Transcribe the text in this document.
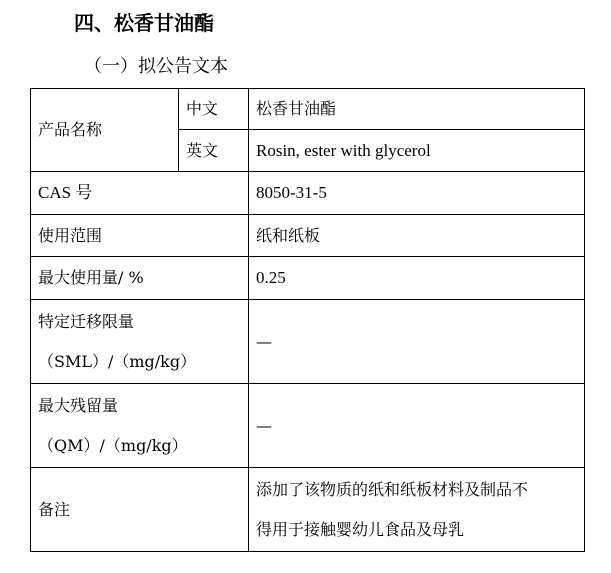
四、松香甘油酯
（一）拟公告文本
产品名称	中文	松香甘油酯
	英文	Rosin, ester with glycerol
CAS 号		8050-31-5
使用范围		纸和纸板
最大使用量/ %		0.25

特定迁移限量
（SML）/（mg/kg）		—

最大残留量
（QM）/（mg/kg）		—
备注		添加了该物质的纸和纸板材料及制品不
得用于接触婴幼儿食品及母乳
